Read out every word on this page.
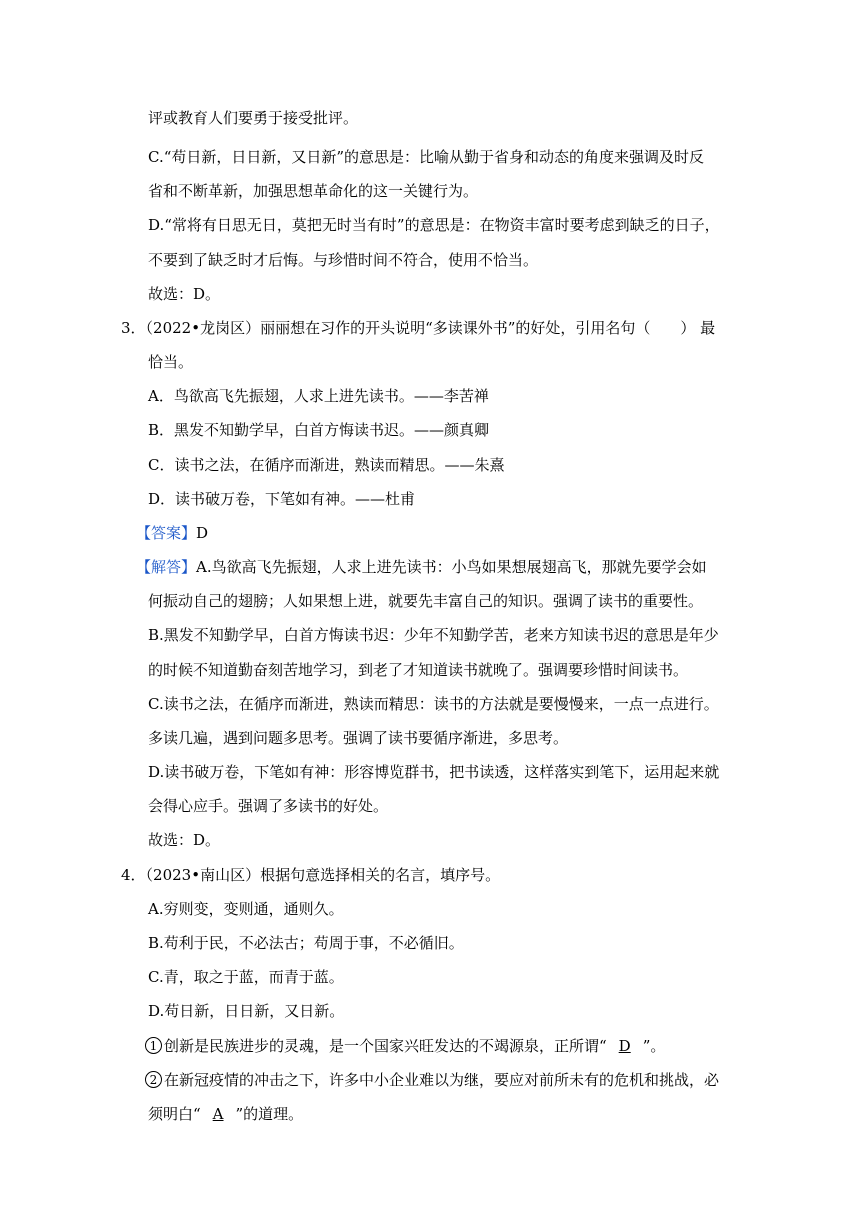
评或教育人们要勇于接受批评。
C.“苟日新，日日新，又日新”的意思是：比喻从勤于省身和动态的角度来强调及时反
省和不断革新，加强思想革命化的这一关键行为。
D.“常将有日思无日，莫把无时当有时”的意思是：在物资丰富时要考虑到缺乏的日子，
不要到了缺乏时才后悔。与珍惜时间不符合，使用不恰当。
故选：D。
3．（2022•龙岗区）丽丽想在习作的开头说明“多读课外书”的好处，引用名句（　　） 最
恰当。
A．鸟欲高飞先振翅，人求上进先读书。——李苦禅
B．黑发不知勤学早，白首方悔读书迟。——颜真卿
C．读书之法，在循序而渐进，熟读而精思。——朱熹
D．读书破万卷，下笔如有神。——杜甫
【答案】D
【解答】A.鸟欲高飞先振翅，人求上进先读书：小鸟如果想展翅高飞，那就先要学会如
何振动自己的翅膀；人如果想上进，就要先丰富自己的知识。强调了读书的重要性。
B.黑发不知勤学早，白首方悔读书迟：少年不知勤学苦，老来方知读书迟的意思是年少
的时候不知道勤奋刻苦地学习，到老了才知道读书就晚了。强调要珍惜时间读书。
C.读书之法，在循序而渐进，熟读而精思：读书的方法就是要慢慢来，一点一点进行。
多读几遍，遇到问题多思考。强调了读书要循序渐进，多思考。
D.读书破万卷，下笔如有神：形容博览群书，把书读透，这样落实到笔下，运用起来就
会得心应手。强调了多读书的好处。
故选：D。
4．（2023•南山区）根据句意选择相关的名言，填序号。
A.穷则变，变则通，通则久。
B.苟利于民，不必法古；苟周于事，不必循旧。
C.青，取之于蓝，而青于蓝。
D.苟日新，日日新，又日新。
1 创新是民族进步的灵魂，是一个国家兴旺发达的不竭源泉，正所谓“ D ”。
2 在新冠疫情的冲击之下，许多中小企业难以为继，要应对前所未有的危机和挑战，必
须明白“ A ”的道理。
